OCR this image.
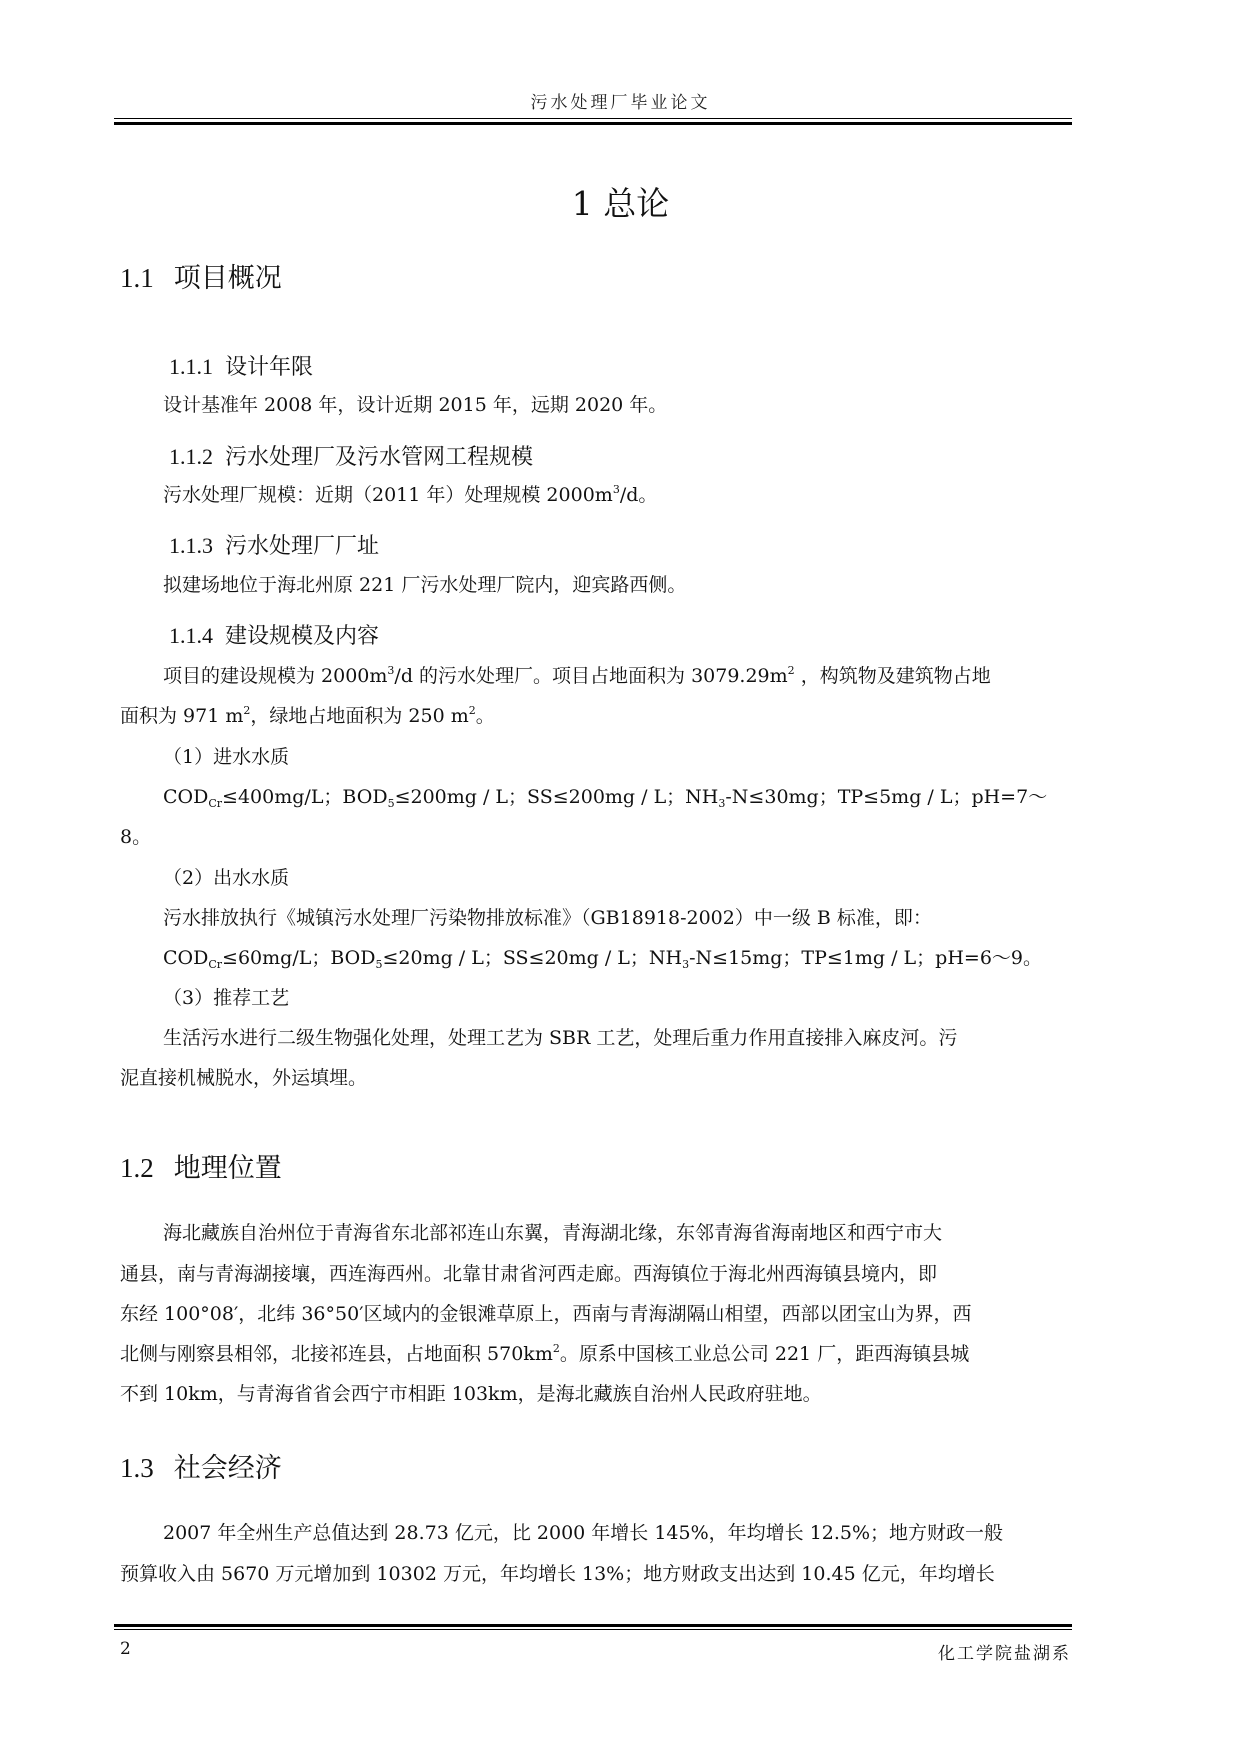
污水处理厂毕业论文
1 总论
1.1 项目概况
1.1.1 设计年限
设计基准年 2008 年，设计近期 2015 年，远期 2020 年。
1.1.2 污水处理厂及污水管网工程规模
污水处理厂规模：近期（2011 年）处理规模 $2000m^3/d$。
1.1.3 污水处理厂厂址
拟建场地位于海北州原 221 厂污水处理厂院内，迎宾路西侧。
1.1.4 建设规模及内容
项目的建设规模为 $2000m^3/d$ 的污水处理厂。项目占地面积为 $3079.29m^2$ ，构筑物及建筑物占地
面积为 971 $m^2$，绿地占地面积为 250 $m^2$。
（1）进水水质
$COD_{Cr}\le 400mg/L$；$BOD_5\le 200mg / L$；SS≤200mg / L；$NH_3-N\le 30mg$；TP≤5mg / L；pH=7～
8。
（2）出水水质
污水排放执行《城镇污水处理厂污染物排放标准》（GB18918-2002）中一级 B 标准，即：
$COD_{Cr}\le 60mg/L$；$BOD_5\le 20mg / L$；SS≤20mg / L；$NH_3-N\le 15mg$；TP≤1mg / L；pH=6～9。
（3）推荐工艺
生活污水进行二级生物强化处理，处理工艺为 SBR 工艺，处理后重力作用直接排入麻皮河。污
泥直接机械脱水，外运填埋。
1.2 地理位置
海北藏族自治州位于青海省东北部祁连山东翼，青海湖北缘，东邻青海省海南地区和西宁市大
通县，南与青海湖接壤，西连海西州。北靠甘肃省河西走廊。西海镇位于海北州西海镇县境内，即
东经 100°08′，北纬 36°50′区域内的金银滩草原上，西南与青海湖隔山相望，西部以团宝山为界，西
北侧与刚察县相邻，北接祁连县，占地面积 $570km^2$。原系中国核工业总公司 221 厂，距西海镇县城
不到 10km，与青海省省会西宁市相距 103km，是海北藏族自治州人民政府驻地。
1.3 社会经济
2007 年全州生产总值达到 28.73 亿元，比 2000 年增长 145%，年均增长 12.5%；地方财政一般
预算收入由 5670 万元增加到 10302 万元，年均增长 13%；地方财政支出达到 10.45 亿元，年均增长
2	化工学院盐湖系
